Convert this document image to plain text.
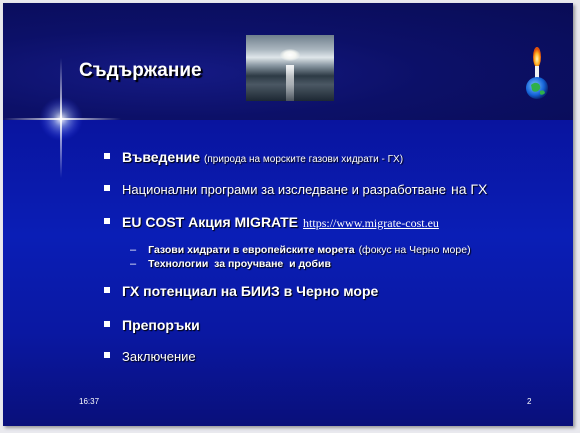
Съдържание
Въведение (природа на морските газови хидрати - ГХ)
Национални програми за изследване и разработване на ГХ
EU COST Акция MIGRATE https://www.migrate-cost.eu
– Газови хидрати в европейските морета (фокус на Черно море)
– Технологии  за проучване  и добив
ГХ потенциал на БИИЗ в Черно море
Препоръки
Заключение
16:37	2
